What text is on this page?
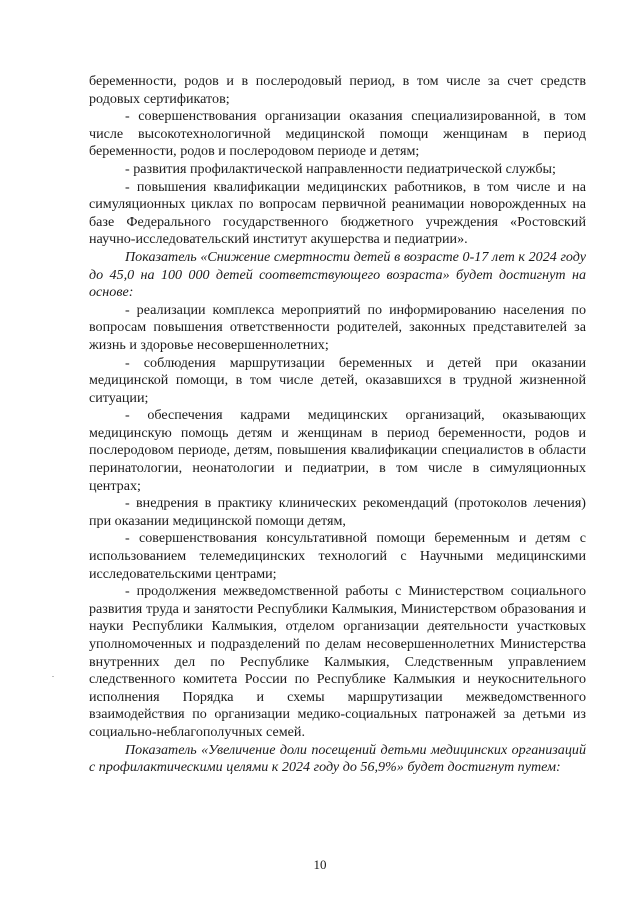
беременности, родов и в послеродовый период, в том числе за счет средств родовых сертификатов;

- совершенствования организации оказания специализированной, в том числе высокотехнологичной медицинской помощи женщинам в период беременности, родов и послеродовом периоде и детям;

- развития профилактической направленности педиатрической службы;

- повышения квалификации медицинских работников, в том числе и на симуляционных циклах по вопросам первичной реанимации новорожденных на базе Федерального государственного бюджетного учреждения «Ростовский научно-исследовательский институт акушерства и педиатрии».

Показатель «Снижение смертности детей в возрасте 0-17 лет к 2024 году до 45,0 на 100 000 детей соответствующего возраста» будет достигнут на основе:

- реализации комплекса мероприятий по информированию населения по вопросам повышения ответственности родителей, законных представителей за жизнь и здоровье несовершеннолетних;

- соблюдения маршрутизации беременных и детей при оказании медицинской помощи, в том числе детей, оказавшихся в трудной жизненной ситуации;

- обеспечения кадрами медицинских организаций, оказывающих медицинскую помощь детям и женщинам в период беременности, родов и послеродовом периоде, детям, повышения квалификации специалистов в области перинатологии, неонатологии и педиатрии, в том числе в симуляционных центрах;

- внедрения в практику клинических рекомендаций (протоколов лечения) при оказании медицинской помощи детям,

- совершенствования консультативной помощи беременным и детям с использованием телемедицинских технологий с Научными медицинскими исследовательскими центрами;

- продолжения межведомственной работы с Министерством социального развития труда и занятости Республики Калмыкия, Министерством образования и науки Республики Калмыкия, отделом организации деятельности участковых уполномоченных и подразделений по делам несовершеннолетних Министерства внутренних дел по Республике Калмыкия, Следственным управлением следственного комитета России по Республике Калмыкия и неукоснительного исполнения Порядка и схемы маршрутизации межведомственного взаимодействия по организации медико-социальных патронажей за детьми из социально-неблагополучных семей.

Показатель «Увеличение доли посещений детьми медицинских организаций с профилактическими целями к 2024 году до 56,9%» будет достигнут путем:

10
